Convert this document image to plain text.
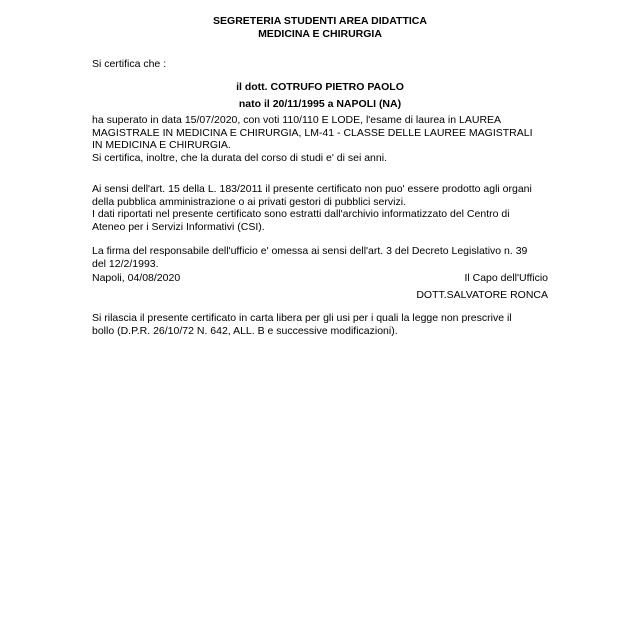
SEGRETERIA STUDENTI AREA DIDATTICA
MEDICINA E CHIRURGIA
Si certifica che :
il dott. COTRUFO PIETRO PAOLO
nato il 20/11/1995 a NAPOLI (NA)
ha superato in data 15/07/2020, con voti 110/110 E LODE, l'esame di laurea in LAUREA
MAGISTRALE IN MEDICINA E CHIRURGIA, LM-41 - CLASSE DELLE LAUREE MAGISTRALI
IN MEDICINA E CHIRURGIA.
Si certifica, inoltre, che la durata del corso di studi e' di sei anni.
Ai sensi dell'art. 15 della L. 183/2011 il presente certificato non puo' essere prodotto agli organi
della pubblica amministrazione o ai privati gestori di pubblici servizi.
I dati riportati nel presente certificato sono estratti dall'archivio informatizzato del Centro di
Ateneo per i Servizi Informativi (CSI).
La firma del responsabile dell'ufficio e' omessa ai sensi dell'art. 3 del Decreto Legislativo n. 39
del 12/2/1993.
Napoli, 04/08/2020	Il Capo dell'Ufficio
DOTT.SALVATORE RONCA
Si rilascia il presente certificato in carta libera per gli usi per i quali la legge non prescrive il
bollo (D.P.R. 26/10/72 N. 642, ALL. B e successive modificazioni).
